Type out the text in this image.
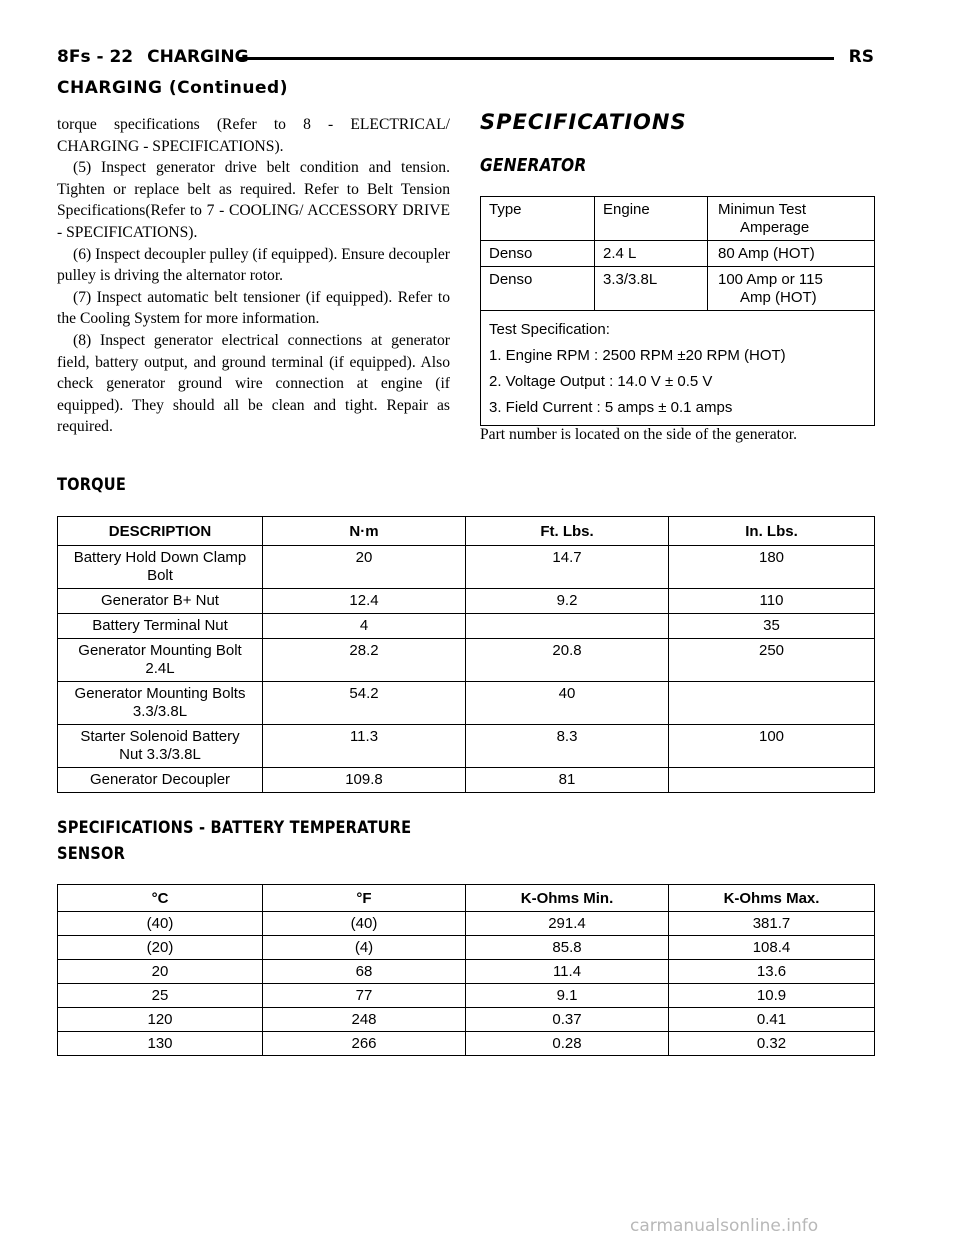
8Fs - 22 CHARGING	RS
CHARGING (Continued)

torque specifications (Refer to 8 - ELECTRICAL/ CHARGING - SPECIFICATIONS).

(5) Inspect generator drive belt condition and tension. Tighten or replace belt as required. Refer to Belt Tension Specifications(Refer to 7 - COOLING/ ACCESSORY DRIVE - SPECIFICATIONS).

(6) Inspect decoupler pulley (if equipped). Ensure decoupler pulley is driving the alternator rotor.

(7) Inspect automatic belt tensioner (if equipped). Refer to the Cooling System for more information.

(8) Inspect generator electrical connections at generator field, battery output, and ground terminal (if equipped). Also check generator ground wire connection at engine (if equipped). They should all be clean and tight. Repair as required.

SPECIFICATIONS
GENERATOR
Type	Engine	Minimun Test
Amperage

Denso	2.4 L	80 Amp (HOT)
Denso	3.3/3.8L	100 Amp or 115
Amp (HOT)

Test Specification:
1. Engine RPM : 2500 RPM ±20 RPM (HOT)
2. Voltage Output : 14.0 V ± 0.5 V
3. Field Current : 5 amps ± 0.1 amps		
Part number is located on the side of the generator.
TORQUE
DESCRIPTION	N·m	Ft. Lbs.	In. Lbs.

Battery Hold Down Clamp
Bolt	20	14.7	180
Generator B+ Nut	12.4	9.2	110
Battery Terminal Nut	4		35

Generator Mounting Bolt
2.4L	28.2	20.8	250

Generator Mounting Bolts
3.3/3.8L	54.2	40	

Starter Solenoid Battery
Nut 3.3/3.8L	11.3	8.3	100
Generator Decoupler	109.8	81	
SPECIFICATIONS - BATTERY TEMPERATURE
SENSOR
°C	°F	K-Ohms Min.	K-Ohms Max.
(40)	(40)	291.4	381.7
(20)	(4)	85.8	108.4
20	68	11.4	13.6
25	77	9.1	10.9
120	248	0.37	0.41
130	266	0.28	0.32
carmanualsonline.info
